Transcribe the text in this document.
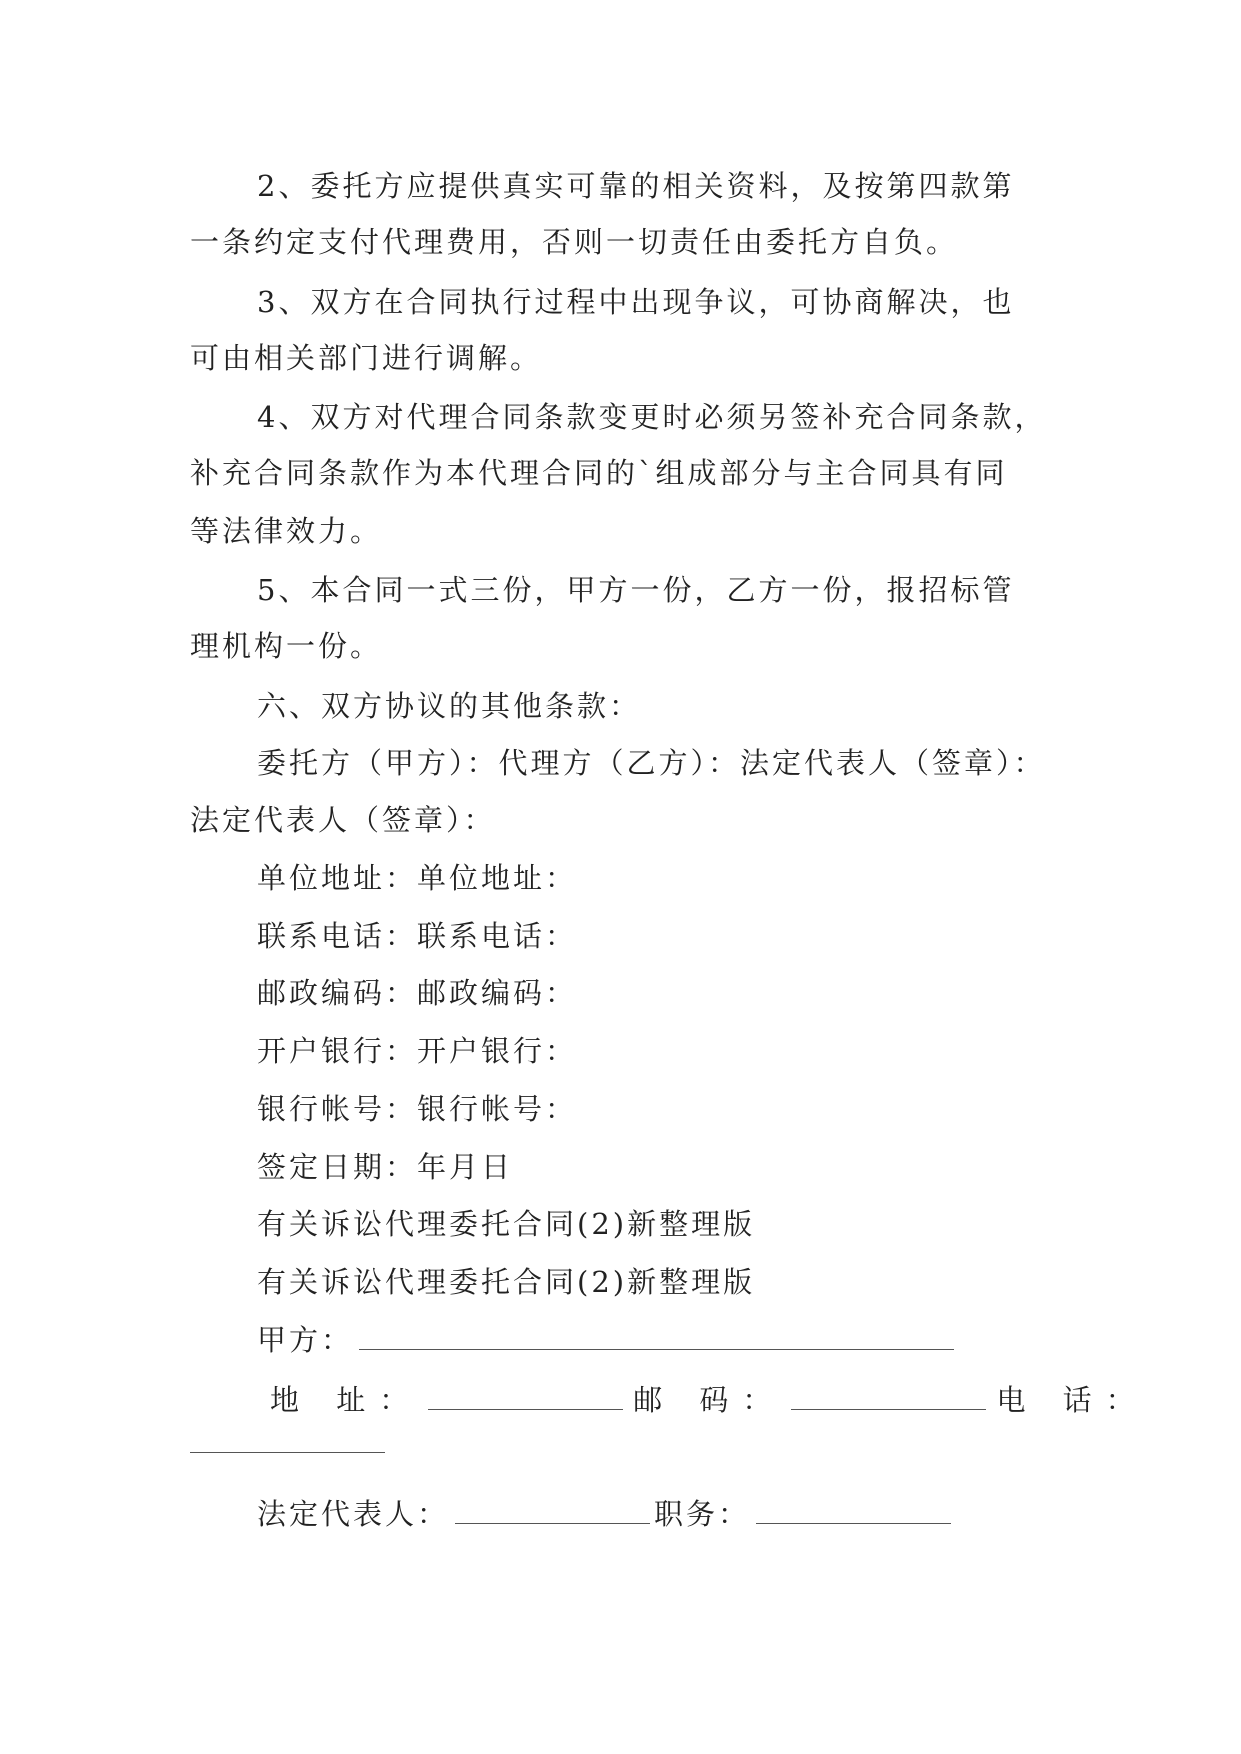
2、委托方应提供真实可靠的相关资料，及按第四款第
一条约定支付代理费用，否则一切责任由委托方自负。
3、双方在合同执行过程中出现争议，可协商解决，也
可由相关部门进行调解。
4、双方对代理合同条款变更时必须另签补充合同条款，
补充合同条款作为本代理合同的`组成部分与主合同具有同
等法律效力。
5、本合同一式三份，甲方一份，乙方一份，报招标管
理机构一份。
六、双方协议的其他条款：
委托方（甲方）：代理方（乙方）：法定代表人（签章）：
法定代表人（签章）：
单位地址：单位地址：
联系电话：联系电话：
邮政编码：邮政编码：
开户银行：开户银行：
银行帐号：银行帐号：
签定日期：年月日
有关诉讼代理委托合同(2)新整理版
有关诉讼代理委托合同(2)新整理版
甲方：
地 址：	邮 码：	电 话：
法定代表人：	职务：
